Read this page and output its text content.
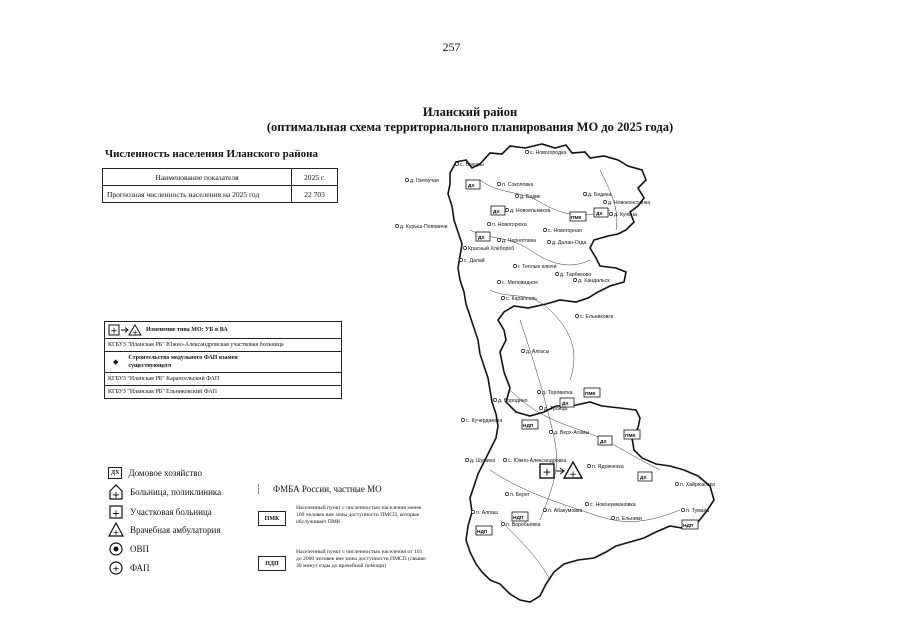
257
Иланский район
(оптимальная схема территориального планирования МО до 2025 года)
Численность населения Иланского района
Наименование показателя	2025 г.
Прогнозная численность населения на 2025 год	22 703
+ + Изменение типа МО: УБ в ВА
КГБУЗ "Иланская РБ" Южно-Александровская участковая больница
◆ Строительство модульного ФАП взамен существующего
КГБУЗ "Иланская РБ" Карапсельский ФАП
КГБУЗ "Иланская РБ" Ельниковский ФАП
ДХ	Домовое хозяйство
+ Больница, поликлиника
+ Участковая больница
+ Врачебная амбулатория
ОВП
+ ФАП
ФМБА России, частные МО
ПМК
Населенный пункт с численностью населения менее 100 человек вне зоны доступности ПМСП, которые обслуживает ПМК
НДП
Населенный пункт с численностью населения от 101 до 2000 человек вне зоны доступности ПМСП (свыше 30 минут езды до врачебной помощи)
ДХ
ДХ
ПМК
ДХ
ДХ
ПМК
ДХ
НДП
ДХ
ПМК
ДХ
НДП
НДП
НДП
+ +
с. Новогородка
с. Бохоры
д. Гремучая
п. Соколовка
д. Бадик	д. Бедека
д. Новоконстанка
д. Новоельников
д. Кучина
д. Курыш-Поповичи	п. Новогорюха
д. Чернятовка
с. Новогорная
д. Далан-Огда
Красный Хлебороб
с. Далай
г. Теплые ключи
д. Тарбеково
д. Хандальск
с. Миловидное
с. Карапсель
с. Ельниковск
д. Алгасы
д. Тороватка
д. Бородино
д. Троица
с. Кучердаевка
д. Верх-Атамы
д. Шумиха с. Южно-Александровка
п. Ядовченка
п. Хайрюзовка
п. Берег
п. Абакумовка
с. Новонукмановка
п. Алпаш
п. Воробьевка
п. Ельники
п. Тумаха
